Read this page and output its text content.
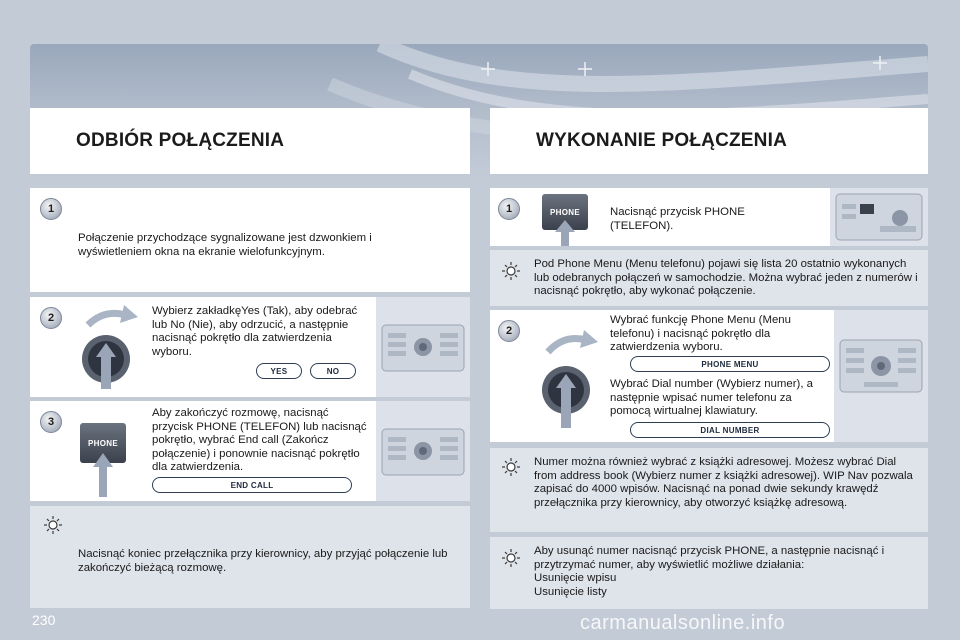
ODBIÓR POŁĄCZENIA	WYKONANIE POŁĄCZENIA
1
Połączenie przychodzące sygnalizowane jest dzwonkiem i wyświetleniem okna na ekranie wielofunkcyjnym.
2
Wybierz zakładkęYes (Tak), aby odebrać lub No (Nie), aby odrzucić, a następnie nacisnąć pokrętło dla zatwierdzenia wyboru.
YES	NO
3
PHONE
Aby zakończyć rozmowę, nacisnąć przycisk PHONE (TELEFON) lub nacisnąć pokrętło, wybrać End call (Zakończ połączenie) i ponownie nacisnąć pokrętło dla zatwierdzenia.
END CALL
Nacisnąć koniec przełącznika przy kierownicy, aby przyjąć połączenie lub zakończyć bieżącą rozmowę.
1	PHONE	Nacisnąć przycisk PHONE (TELEFON).
Pod Phone Menu (Menu telefonu) pojawi się lista 20 ostatnio wykonanych lub odebranych połączeń w samochodzie. Można wybrać jeden z numerów i nacisnąć pokrętło, aby wykonać połączenie.
2
Wybrać funkcję Phone Menu (Menu telefonu) i nacisnąć pokrętło dla zatwierdzenia wyboru.
PHONE MENU
Wybrać Dial number (Wybierz numer), a następnie wpisać numer telefonu za pomocą wirtualnej klawiatury.
DIAL NUMBER
Numer można również wybrać z książki adresowej. Możesz wybrać Dial from address book (Wybierz numer z książki adresowej). WIP Nav pozwala zapisać do 4000 wpisów. Nacisnąć na ponad dwie sekundy krawędź przełącznika przy kierownicy, aby otworzyć książkę adresową.
Aby usunąć numer nacisnąć przycisk PHONE, a następnie nacisnąć i przytrzymać numer, aby wyświetlić możliwe działania:
Usunięcie wpisu
Usunięcie listy
230	carmanualsonline.info
